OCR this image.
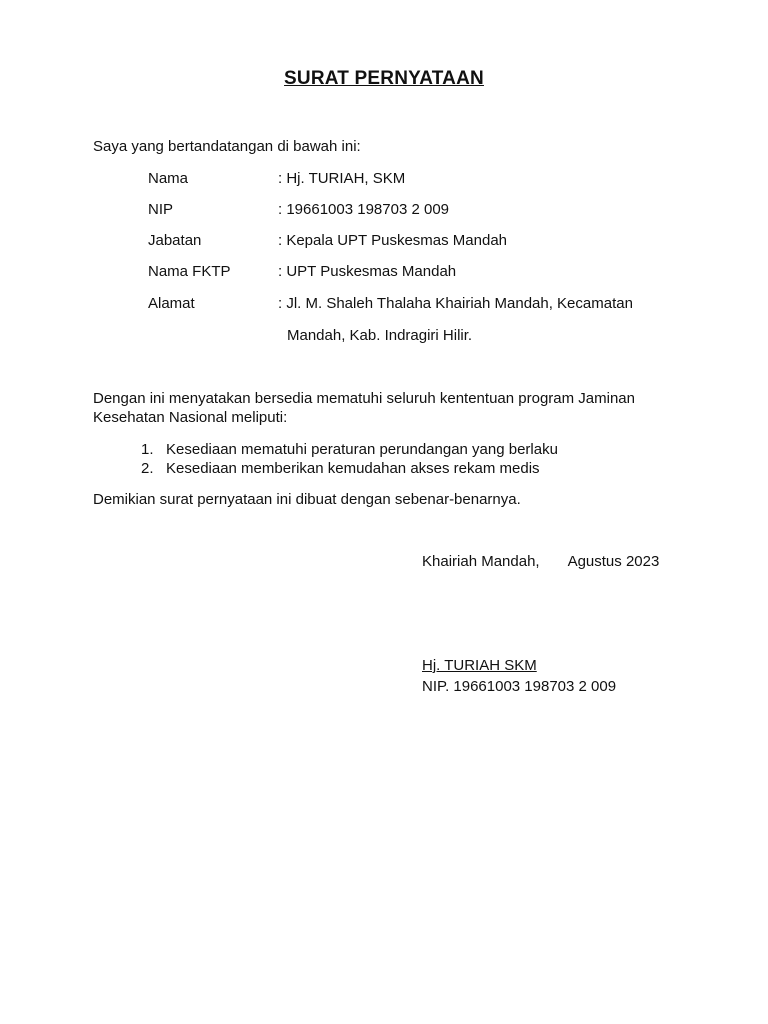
SURAT PERNYATAAN
Saya yang bertandatangan di bawah ini:
Nama	: Hj. TURIAH, SKM
NIP	: 19661003 198703 2 009
Jabatan	: Kepala UPT Puskesmas Mandah
Nama FKTP	: UPT Puskesmas Mandah
Alamat	: Jl. M. Shaleh Thalaha Khairiah Mandah, Kecamatan
Mandah, Kab. Indragiri Hilir.
Dengan ini menyatakan bersedia mematuhi seluruh kententuan program Jaminan Kesehatan Nasional meliputi:
1. Kesediaan mematuhi peraturan perundangan yang berlaku
2. Kesediaan memberikan kemudahan akses rekam medis
Demikian surat pernyataan ini dibuat dengan sebenar-benarnya.
Khairiah Mandah, Agustus 2023
Hj. TURIAH SKM
NIP. 19661003 198703 2 009
